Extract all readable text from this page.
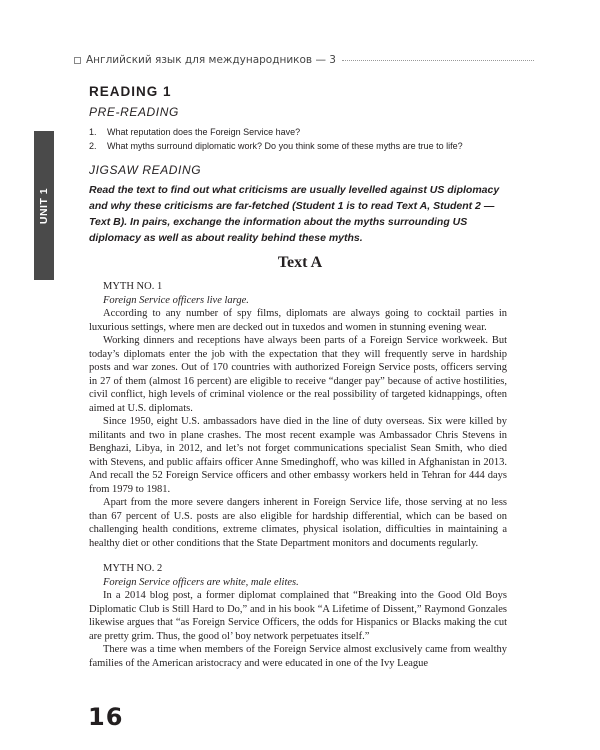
Английский язык для международников — 3
UNIT 1
READING 1
PRE-READING
1.	What reputation does the Foreign Service have?
2.	What myths surround diplomatic work? Do you think some of these myths are true to life?
JIGSAW READING
Read the text to find out what criticisms are usually levelled against US diplomacy and why these criticisms are far-fetched (Student 1 is to read Text A, Student 2 — Text B). In pairs, exchange the information about the myths surrounding US diplomacy as well as about reality behind these myths.
Text A

MYTH NO. 1

Foreign Service officers live large.

According to any number of spy films, diplomats are always going to cocktail parties in luxurious settings, where men are decked out in tuxedos and women in stunning evening wear.

Working dinners and receptions have always been parts of a Foreign Service workweek. But today’s diplomats enter the job with the expectation that they will frequently serve in hardship posts and war zones. Out of 170 countries with authorized Foreign Service posts, officers serving in 27 of them (almost 16 percent) are eligible to receive “danger pay” because of active hostilities, civil conflict, high levels of criminal violence or the real possibility of targeted kidnappings, often aimed at U.S. diplomats.

Since 1950, eight U.S. ambassadors have died in the line of duty overseas. Six were killed by militants and two in plane crashes. The most recent example was Ambassador Chris Stevens in Benghazi, Libya, in 2012, and let’s not forget communications specialist Sean Smith, who died with Stevens, and public affairs officer Anne Smedinghoff, who was killed in Afghanistan in 2013. And recall the 52 Foreign Service officers and other embassy workers held in Tehran for 444 days from 1979 to 1981.

Apart from the more severe dangers inherent in Foreign Service life, those serving at no less than 67 percent of U.S. posts are also eligible for hardship differential, which can be based on challenging health conditions, extreme climates, physical isolation, difficulties in maintaining a healthy diet or other conditions that the State Department monitors and documents regularly.

MYTH NO. 2

Foreign Service officers are white, male elites.

In a 2014 blog post, a former diplomat complained that “Breaking into the Good Old Boys Diplomatic Club is Still Hard to Do,” and in his book “A Lifetime of Dissent,” Raymond Gonzales likewise argues that “as Foreign Service Officers, the odds for Hispanics or Blacks making the cut are pretty grim. Thus, the good ol’ boy network perpetuates itself.”

There was a time when members of the Foreign Service almost exclusively came from wealthy families of the American aristocracy and were educated in one of the Ivy League

16
